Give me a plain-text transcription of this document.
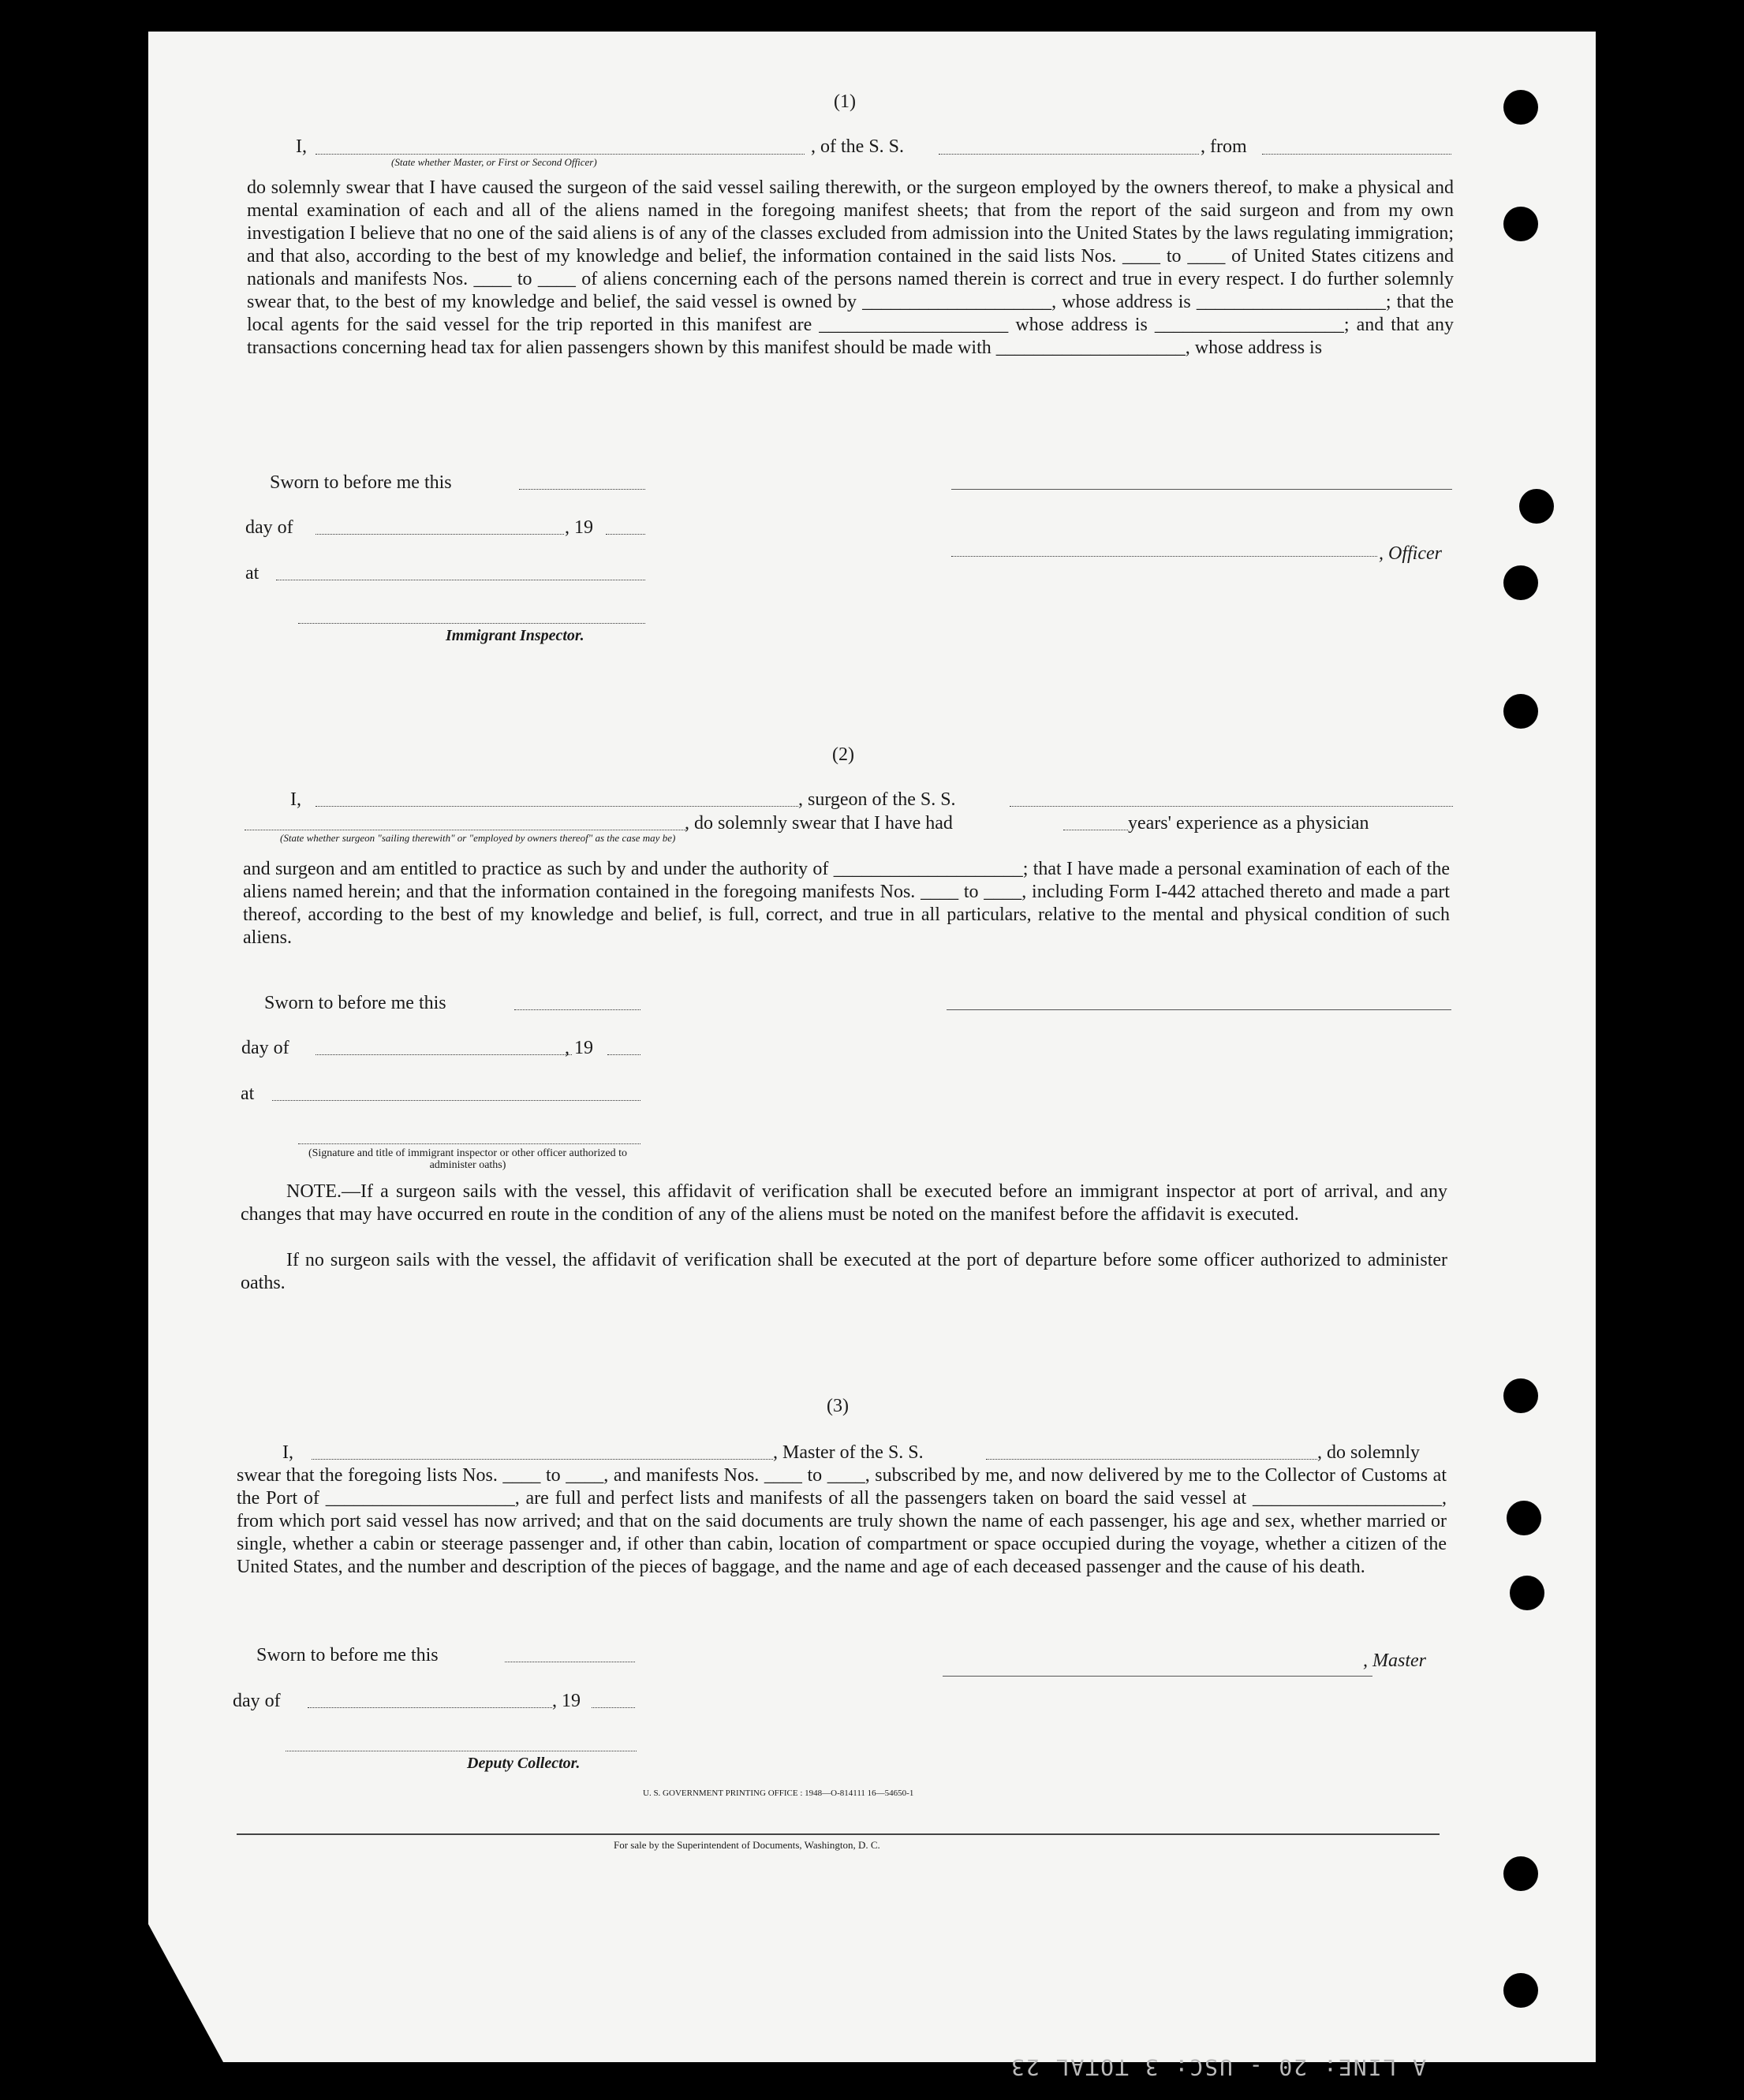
(1)
I,
(State whether Master, or First or Second Officer)
, of the S. S.	, from

do solemnly swear that I have caused the surgeon of the said vessel sailing therewith, or the surgeon employed by the owners thereof, to make a physical and mental examination of each and all of the aliens named in the foregoing manifest sheets; that from the report of the said surgeon and from my own investigation I believe that no one of the said aliens is of any of the classes excluded from admission into the United States by the laws regulating immigration; and that also, according to the best of my knowledge and belief, the information contained in the said lists Nos. ____ to ____ of United States citizens and nationals and manifests Nos. ____ to ____ of aliens concerning each of the persons named therein is correct and true in every respect. I do further solemnly swear that, to the best of my knowledge and belief, the said vessel is owned by ____________________, whose address is ____________________; that the local agents for the said vessel for the trip reported in this manifest are ____________________ whose address is ____________________; and that any transactions concerning head tax for alien passengers shown by this manifest should be made with ____________________, whose address is

Sworn to before me this
day of	, 19
, Officer
at
Immigrant Inspector.
(2)
I,	, surgeon of the S. S.
, do solemnly swear that I have had	years' experience as a physician
(State whether surgeon "sailing therewith" or "employed by owners thereof" as the case may be)

and surgeon and am entitled to practice as such by and under the authority of ____________________; that I have made a personal examination of each of the aliens named herein; and that the information contained in the foregoing manifests Nos. ____ to ____, including Form I-442 attached thereto and made a part thereof, according to the best of my knowledge and belief, is full, correct, and true in all particulars, relative to the mental and physical condition of such aliens.

Sworn to before me this
day of	, 19
at
(Signature and title of immigrant inspector or other officer authorized to administer oaths)

NOTE.—If a surgeon sails with the vessel, this affidavit of verification shall be executed before an immigrant inspector at port of arrival, and any changes that may have occurred en route in the condition of any of the aliens must be noted on the manifest before the affidavit is executed.

If no surgeon sails with the vessel, the affidavit of verification shall be executed at the port of departure before some officer authorized to administer oaths.

(3)
I,	, Master of the S. S.	, do solemnly

swear that the foregoing lists Nos. ____ to ____, and manifests Nos. ____ to ____, subscribed by me, and now delivered by me to the Collector of Customs at the Port of ____________________, are full and perfect lists and manifests of all the passengers taken on board the said vessel at ____________________, from which port said vessel has now arrived; and that on the said documents are truly shown the name of each passenger, his age and sex, whether married or single, whether a cabin or steerage passenger and, if other than cabin, location of compartment or space occupied during the voyage, whether a citizen of the United States, and the number and description of the pieces of baggage, and the name and age of each deceased passenger and the cause of his death.

Sworn to before me this	, Master
day of	, 19
Deputy Collector.
U. S. GOVERNMENT PRINTING OFFICE : 1948—O-814111 16—54650-1
For sale by the Superintendent of Documents, Washington, D. C.
A LINE: 20 - USC: 3 TOTAL 23
